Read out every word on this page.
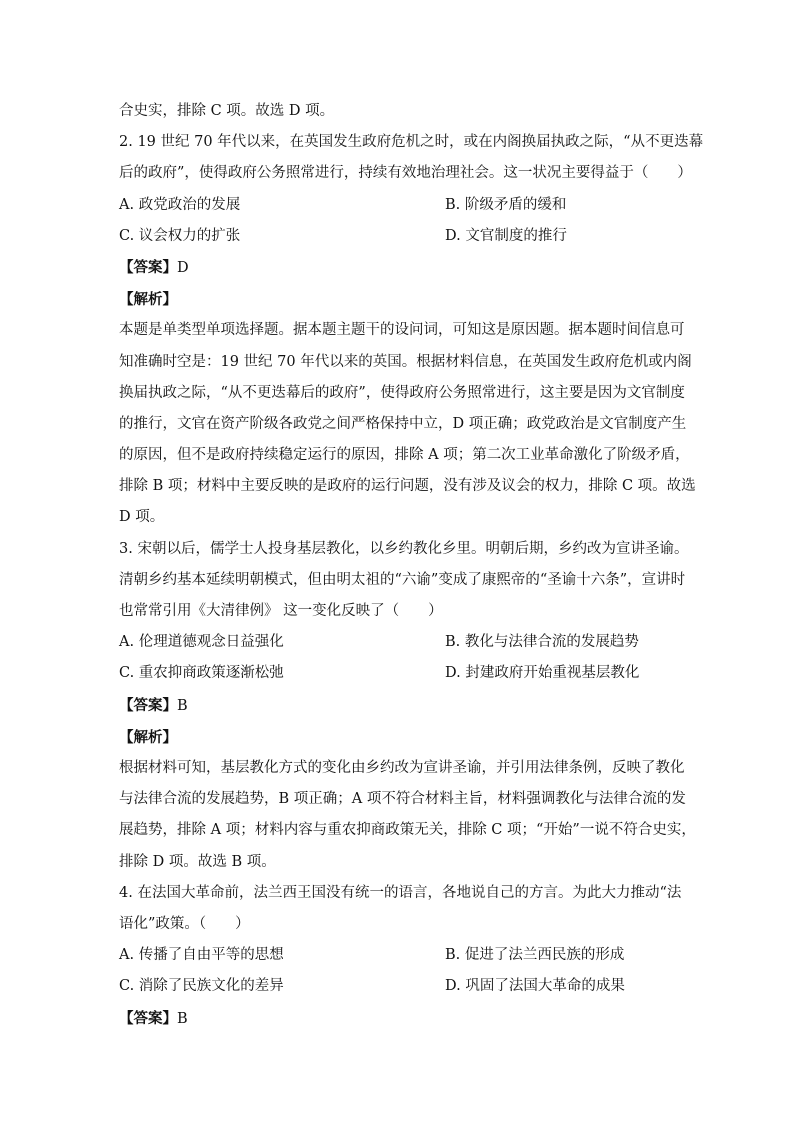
合史实，排除 C 项。故选 D 项。
2. 19 世纪 70 年代以来，在英国发生政府危机之时，或在内阁换届执政之际，“从不更迭幕
后的政府”，使得政府公务照常进行，持续有效地治理社会。这一状况主要得益于（　　）
A. 政党政治的发展	B. 阶级矛盾的缓和
C. 议会权力的扩张	D. 文官制度的推行
【答案】D
【解析】
本题是单类型单项选择题。据本题主题干的设问词，可知这是原因题。据本题时间信息可
知准确时空是：19 世纪 70 年代以来的英国。根据材料信息，在英国发生政府危机或内阁
换届执政之际，“从不更迭幕后的政府”，使得政府公务照常进行，这主要是因为文官制度
的推行，文官在资产阶级各政党之间严格保持中立，D 项正确；政党政治是文官制度产生
的原因，但不是政府持续稳定运行的原因，排除 A 项；第二次工业革命激化了阶级矛盾，
排除 B 项；材料中主要反映的是政府的运行问题，没有涉及议会的权力，排除 C 项。故选
D 项。
3. 宋朝以后，儒学士人投身基层教化，以乡约教化乡里。明朝后期，乡约改为宣讲圣谕。
清朝乡约基本延续明朝模式，但由明太祖的“六谕”变成了康熙帝的“圣谕十六条”，宣讲时
也常常引用《大清律例》 这一变化反映了（　　）
A. 伦理道德观念日益强化	B. 教化与法律合流的发展趋势
C. 重农抑商政策逐渐松弛	D. 封建政府开始重视基层教化
【答案】B
【解析】
根据材料可知，基层教化方式的变化由乡约改为宣讲圣谕，并引用法律条例，反映了教化
与法律合流的发展趋势，B 项正确；A 项不符合材料主旨，材料强调教化与法律合流的发
展趋势，排除 A 项；材料内容与重农抑商政策无关，排除 C 项；“开始”一说不符合史实，
排除 D 项。故选 B 项。
4. 在法国大革命前，法兰西王国没有统一的语言，各地说自己的方言。为此大力推动“法
语化”政策。（　　）
A. 传播了自由平等的思想	B. 促进了法兰西民族的形成
C. 消除了民族文化的差异	D. 巩固了法国大革命的成果
【答案】B
